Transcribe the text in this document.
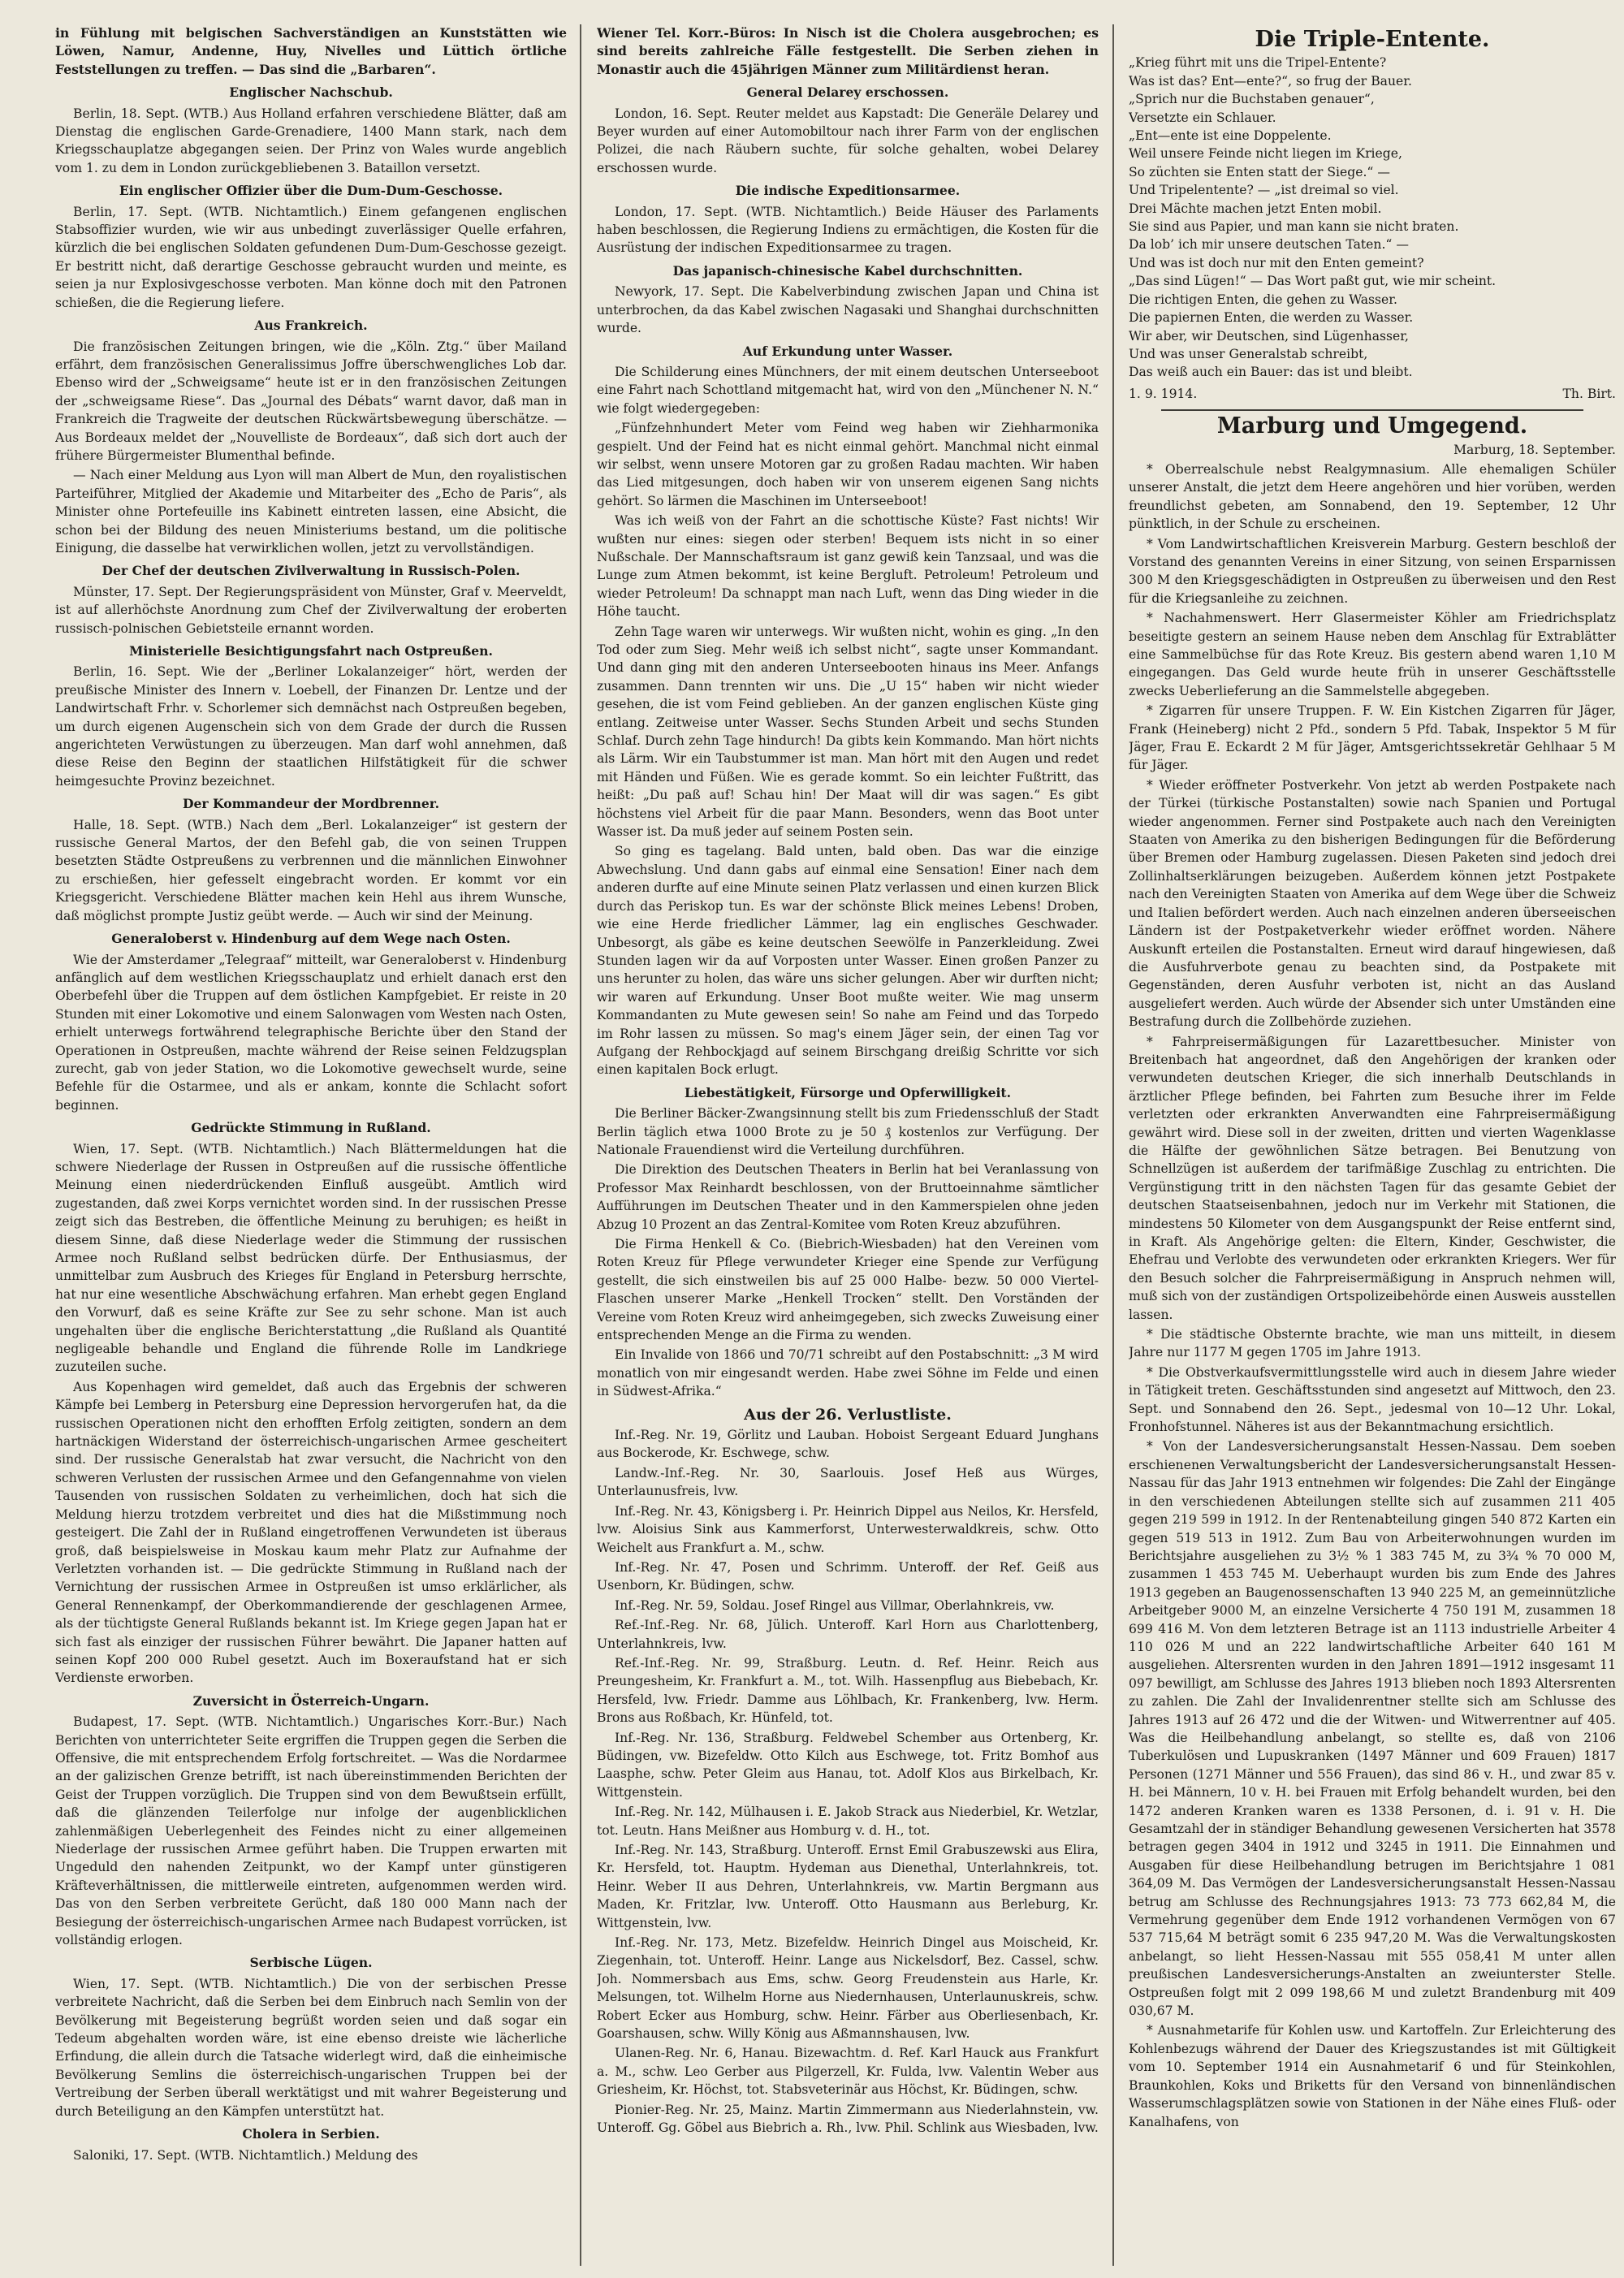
in Fühlung mit belgischen Sachverständigen an Kunststätten wie Löwen, Namur, Andenne, Huy, Nivelles und Lüttich örtliche Feststellungen zu treffen. — Das sind die „Barbaren“.

Englischer Nachschub.

Berlin, 18. Sept. (WTB.) Aus Holland erfahren verschiedene Blätter, daß am Dienstag die englischen Garde-Grenadiere, 1400 Mann stark, nach dem Kriegsschauplatze abgegangen seien. Der Prinz von Wales wurde angeblich vom 1. zu dem in London zurückgebliebenen 3. Bataillon versetzt.

Ein englischer Offizier über die Dum-Dum-Geschosse.

Berlin, 17. Sept. (WTB. Nichtamtlich.) Einem gefangenen englischen Stabsoffizier wurden, wie wir aus unbedingt zuverlässiger Quelle erfahren, kürzlich die bei englischen Soldaten gefundenen Dum-Dum-Geschosse gezeigt. Er bestritt nicht, daß derartige Geschosse gebraucht wurden und meinte, es seien ja nur Explosivgeschosse verboten. Man könne doch mit den Patronen schießen, die die Regierung liefere.

Aus Frankreich.

Die französischen Zeitungen bringen, wie die „Köln. Ztg.“ über Mailand erfährt, dem französischen Generalissimus Joffre überschwengliches Lob dar. Ebenso wird der „Schweigsame“ heute ist er in den französischen Zeitungen der „schweigsame Riese“. Das „Journal des Débats“ warnt davor, daß man in Frankreich die Tragweite der deutschen Rückwärtsbewegung überschätze. — Aus Bordeaux meldet der „Nouvelliste de Bordeaux“, daß sich dort auch der frühere Bürgermeister Blumenthal befinde.

— Nach einer Meldung aus Lyon will man Albert de Mun, den royalistischen Parteiführer, Mitglied der Akademie und Mitarbeiter des „Echo de Paris“, als Minister ohne Portefeuille ins Kabinett eintreten lassen, eine Absicht, die schon bei der Bildung des neuen Ministeriums bestand, um die politische Einigung, die dasselbe hat verwirklichen wollen, jetzt zu vervollständigen.

Der Chef der deutschen Zivilverwaltung in Russisch-Polen.

Münster, 17. Sept. Der Regierungspräsident von Münster, Graf v. Meerveldt, ist auf allerhöchste Anordnung zum Chef der Zivilverwaltung der eroberten russisch-polnischen Gebietsteile ernannt worden.

Ministerielle Besichtigungsfahrt nach Ostpreußen.

Berlin, 16. Sept. Wie der „Berliner Lokalanzeiger“ hört, werden der preußische Minister des Innern v. Loebell, der Finanzen Dr. Lentze und der Landwirtschaft Frhr. v. Schorlemer sich demnächst nach Ostpreußen begeben, um durch eigenen Augenschein sich von dem Grade der durch die Russen angerichteten Verwüstungen zu überzeugen. Man darf wohl annehmen, daß diese Reise den Beginn der staatlichen Hilfstätigkeit für die schwer heimgesuchte Provinz bezeichnet.

Der Kommandeur der Mordbrenner.

Halle, 18. Sept. (WTB.) Nach dem „Berl. Lokalanzeiger“ ist gestern der russische General Martos, der den Befehl gab, die von seinen Truppen besetzten Städte Ostpreußens zu verbrennen und die männlichen Einwohner zu erschießen, hier gefesselt eingebracht worden. Er kommt vor ein Kriegsgericht. Verschiedene Blätter machen kein Hehl aus ihrem Wunsche, daß möglichst prompte Justiz geübt werde. — Auch wir sind der Meinung.

Generaloberst v. Hindenburg auf dem Wege nach Osten.

Wie der Amsterdamer „Telegraaf“ mitteilt, war Generaloberst v. Hindenburg anfänglich auf dem westlichen Kriegsschauplatz und erhielt danach erst den Oberbefehl über die Truppen auf dem östlichen Kampfgebiet. Er reiste in 20 Stunden mit einer Lokomotive und einem Salonwagen vom Westen nach Osten, erhielt unterwegs fortwährend telegraphische Berichte über den Stand der Operationen in Ostpreußen, machte während der Reise seinen Feldzugsplan zurecht, gab von jeder Station, wo die Lokomotive gewechselt wurde, seine Befehle für die Ostarmee, und als er ankam, konnte die Schlacht sofort beginnen.

Gedrückte Stimmung in Rußland.

Wien, 17. Sept. (WTB. Nichtamtlich.) Nach Blättermeldungen hat die schwere Niederlage der Russen in Ostpreußen auf die russische öffentliche Meinung einen niederdrückenden Einfluß ausgeübt. Amtlich wird zugestanden, daß zwei Korps vernichtet worden sind. In der russischen Presse zeigt sich das Bestreben, die öffentliche Meinung zu beruhigen; es heißt in diesem Sinne, daß diese Niederlage weder die Stimmung der russischen Armee noch Rußland selbst bedrücken dürfe. Der Enthusiasmus, der unmittelbar zum Ausbruch des Krieges für England in Petersburg herrschte, hat nur eine wesentliche Abschwächung erfahren. Man erhebt gegen England den Vorwurf, daß es seine Kräfte zur See zu sehr schone. Man ist auch ungehalten über die englische Berichterstattung „die Rußland als Quantité negligeable behandle und England die führende Rolle im Landkriege zuzuteilen suche.

Aus Kopenhagen wird gemeldet, daß auch das Ergebnis der schweren Kämpfe bei Lemberg in Petersburg eine Depression hervorgerufen hat, da die russischen Operationen nicht den erhofften Erfolg zeitigten, sondern an dem hartnäckigen Widerstand der österreichisch-ungarischen Armee gescheitert sind. Der russische Generalstab hat zwar versucht, die Nachricht von den schweren Verlusten der russischen Armee und den Gefangennahme von vielen Tausenden von russischen Soldaten zu verheimlichen, doch hat sich die Meldung hierzu trotzdem verbreitet und dies hat die Mißstimmung noch gesteigert. Die Zahl der in Rußland eingetroffenen Verwundeten ist überaus groß, daß beispielsweise in Moskau kaum mehr Platz zur Aufnahme der Verletzten vorhanden ist. — Die gedrückte Stimmung in Rußland nach der Vernichtung der russischen Armee in Ostpreußen ist umso erklärlicher, als General Rennenkampf, der Oberkommandierende der geschlagenen Armee, als der tüchtigste General Rußlands bekannt ist. Im Kriege gegen Japan hat er sich fast als einziger der russischen Führer bewährt. Die Japaner hatten auf seinen Kopf 200 000 Rubel gesetzt. Auch im Boxeraufstand hat er sich Verdienste erworben.

Zuversicht in Österreich-Ungarn.

Budapest, 17. Sept. (WTB. Nichtamtlich.) Ungarisches Korr.-Bur.) Nach Berichten von unterrichteter Seite ergriffen die Truppen gegen die Serben die Offensive, die mit entsprechendem Erfolg fortschreitet. — Was die Nordarmee an der galizischen Grenze betrifft, ist nach übereinstimmenden Berichten der Geist der Truppen vorzüglich. Die Truppen sind von dem Bewußtsein erfüllt, daß die glänzenden Teilerfolge nur infolge der augenblicklichen zahlenmäßigen Ueberlegenheit des Feindes nicht zu einer allgemeinen Niederlage der russischen Armee geführt haben. Die Truppen erwarten mit Ungeduld den nahenden Zeitpunkt, wo der Kampf unter günstigeren Kräfteverhältnissen, die mittlerweile eintreten, aufgenommen werden wird. Das von den Serben verbreitete Gerücht, daß 180 000 Mann nach der Besiegung der österreichisch-ungarischen Armee nach Budapest vorrücken, ist vollständig erlogen.

Serbische Lügen.

Wien, 17. Sept. (WTB. Nichtamtlich.) Die von der serbischen Presse verbreitete Nachricht, daß die Serben bei dem Einbruch nach Semlin von der Bevölkerung mit Begeisterung begrüßt worden seien und daß sogar ein Tedeum abgehalten worden wäre, ist eine ebenso dreiste wie lächerliche Erfindung, die allein durch die Tatsache widerlegt wird, daß die einheimische Bevölkerung Semlins die österreichisch-ungarischen Truppen bei der Vertreibung der Serben überall werktätigst und mit wahrer Begeisterung und durch Beteiligung an den Kämpfen unterstützt hat.

Cholera in Serbien.

Saloniki, 17. Sept. (WTB. Nichtamtlich.) Meldung des

Wiener Tel. Korr.-Büros: In Nisch ist die Cholera ausgebrochen; es sind bereits zahlreiche Fälle festgestellt. Die Serben ziehen in Monastir auch die 45jährigen Männer zum Militärdienst heran.

General Delarey erschossen.

London, 16. Sept. Reuter meldet aus Kapstadt: Die Generäle Delarey und Beyer wurden auf einer Automobiltour nach ihrer Farm von der englischen Polizei, die nach Räubern suchte, für solche gehalten, wobei Delarey erschossen wurde.

Die indische Expeditionsarmee.

London, 17. Sept. (WTB. Nichtamtlich.) Beide Häuser des Parlaments haben beschlossen, die Regierung Indiens zu ermächtigen, die Kosten für die Ausrüstung der indischen Expeditionsarmee zu tragen.

Das japanisch-chinesische Kabel durchschnitten.

Newyork, 17. Sept. Die Kabelverbindung zwischen Japan und China ist unterbrochen, da das Kabel zwischen Nagasaki und Shanghai durchschnitten wurde.

Auf Erkundung unter Wasser.

Die Schilderung eines Münchners, der mit einem deutschen Unterseeboot eine Fahrt nach Schottland mitgemacht hat, wird von den „Münchener N. N.“ wie folgt wiedergegeben:

„Fünfzehnhundert Meter vom Feind weg haben wir Ziehharmonika gespielt. Und der Feind hat es nicht einmal gehört. Manchmal nicht einmal wir selbst, wenn unsere Motoren gar zu großen Radau machten. Wir haben das Lied mitgesungen, doch haben wir von unserem eigenen Sang nichts gehört. So lärmen die Maschinen im Unterseeboot!

Was ich weiß von der Fahrt an die schottische Küste? Fast nichts! Wir wußten nur eines: siegen oder sterben! Bequem ists nicht in so einer Nußschale. Der Mannschaftsraum ist ganz gewiß kein Tanzsaal, und was die Lunge zum Atmen bekommt, ist keine Bergluft. Petroleum! Petroleum und wieder Petroleum! Da schnappt man nach Luft, wenn das Ding wieder in die Höhe taucht.

Zehn Tage waren wir unterwegs. Wir wußten nicht, wohin es ging. „In den Tod oder zum Sieg. Mehr weiß ich selbst nicht“, sagte unser Kommandant. Und dann ging mit den anderen Unterseebooten hinaus ins Meer. Anfangs zusammen. Dann trennten wir uns. Die „U 15“ haben wir nicht wieder gesehen, die ist vom Feind geblieben. An der ganzen englischen Küste ging entlang. Zeitweise unter Wasser. Sechs Stunden Arbeit und sechs Stunden Schlaf. Durch zehn Tage hindurch! Da gibts kein Kommando. Man hört nichts als Lärm. Wir ein Taubstummer ist man. Man hört mit den Augen und redet mit Händen und Füßen. Wie es gerade kommt. So ein leichter Fußtritt, das heißt: „Du paß auf! Schau hin! Der Maat will dir was sagen.“ Es gibt höchstens viel Arbeit für die paar Mann. Besonders, wenn das Boot unter Wasser ist. Da muß jeder auf seinem Posten sein.

So ging es tagelang. Bald unten, bald oben. Das war die einzige Abwechslung. Und dann gabs auf einmal eine Sensation! Einer nach dem anderen durfte auf eine Minute seinen Platz verlassen und einen kurzen Blick durch das Periskop tun. Es war der schönste Blick meines Lebens! Droben, wie eine Herde friedlicher Lämmer, lag ein englisches Geschwader. Unbesorgt, als gäbe es keine deutschen Seewölfe in Panzerkleidung. Zwei Stunden lagen wir da auf Vorposten unter Wasser. Einen großen Panzer zu uns herunter zu holen, das wäre uns sicher gelungen. Aber wir durften nicht; wir waren auf Erkundung. Unser Boot mußte weiter. Wie mag unserm Kommandanten zu Mute gewesen sein! So nahe am Feind und das Torpedo im Rohr lassen zu müssen. So mag's einem Jäger sein, der einen Tag vor Aufgang der Rehbockjagd auf seinem Birschgang dreißig Schritte vor sich einen kapitalen Bock erlugt.

Liebestätigkeit, Fürsorge und Opferwilligkeit.

Die Berliner Bäcker-Zwangsinnung stellt bis zum Friedensschluß der Stadt Berlin täglich etwa 1000 Brote zu je 50 ₰ kostenlos zur Verfügung. Der Nationale Frauendienst wird die Verteilung durchführen.

Die Direktion des Deutschen Theaters in Berlin hat bei Veranlassung von Professor Max Reinhardt beschlossen, von der Bruttoeinnahme sämtlicher Aufführungen im Deutschen Theater und in den Kammerspielen ohne jeden Abzug 10 Prozent an das Zentral-Komitee vom Roten Kreuz abzuführen.

Die Firma Henkell & Co. (Biebrich-Wiesbaden) hat den Vereinen vom Roten Kreuz für Pflege verwundeter Krieger eine Spende zur Verfügung gestellt, die sich einstweilen bis auf 25 000 Halbe- bezw. 50 000 Viertel-Flaschen unserer Marke „Henkell Trocken“ stellt. Den Vorständen der Vereine vom Roten Kreuz wird anheimgegeben, sich zwecks Zuweisung einer entsprechenden Menge an die Firma zu wenden.

Ein Invalide von 1866 und 70/71 schreibt auf den Postabschnitt: „3 M wird monatlich von mir eingesandt werden. Habe zwei Söhne im Felde und einen in Südwest-Afrika.“

Aus der 26. Verlustliste.

Inf.-Reg. Nr. 19, Görlitz und Lauban. Hoboist Sergeant Eduard Junghans aus Bockerode, Kr. Eschwege, schw.

Landw.-Inf.-Reg. Nr. 30, Saarlouis. Josef Heß aus Würges, Unterlaunusfreis, lvw.

Inf.-Reg. Nr. 43, Königsberg i. Pr. Heinrich Dippel aus Neilos, Kr. Hersfeld, lvw. Aloisius Sink aus Kammerforst, Unterwesterwaldkreis, schw. Otto Weichelt aus Frankfurt a. M., schw.

Inf.-Reg. Nr. 47, Posen und Schrimm. Unteroff. der Ref. Geiß aus Usenborn, Kr. Büdingen, schw.

Inf.-Reg. Nr. 59, Soldau. Josef Ringel aus Villmar, Oberlahnkreis, vw.

Ref.-Inf.-Reg. Nr. 68, Jülich. Unteroff. Karl Horn aus Charlottenberg, Unterlahnkreis, lvw.

Ref.-Inf.-Reg. Nr. 99, Straßburg. Leutn. d. Ref. Heinr. Reich aus Preungesheim, Kr. Frankfurt a. M., tot. Wilh. Hassenpflug aus Biebebach, Kr. Hersfeld, lvw. Friedr. Damme aus Löhlbach, Kr. Frankenberg, lvw. Herm. Brons aus Roßbach, Kr. Hünfeld, tot.

Inf.-Reg. Nr. 136, Straßburg. Feldwebel Schember aus Ortenberg, Kr. Büdingen, vw. Bizefeldw. Otto Kilch aus Eschwege, tot. Fritz Bomhof aus Laasphe, schw. Peter Gleim aus Hanau, tot. Adolf Klos aus Birkelbach, Kr. Wittgenstein.

Inf.-Reg. Nr. 142, Mülhausen i. E. Jakob Strack aus Niederbiel, Kr. Wetzlar, tot. Leutn. Hans Meißner aus Homburg v. d. H., tot.

Inf.-Reg. Nr. 143, Straßburg. Unteroff. Ernst Emil Grabuszewski aus Elira, Kr. Hersfeld, tot. Hauptm. Hydeman aus Dienethal, Unterlahnkreis, tot. Heinr. Weber II aus Dehren, Unterlahnkreis, vw. Martin Bergmann aus Maden, Kr. Fritzlar, lvw. Unteroff. Otto Hausmann aus Berleburg, Kr. Wittgenstein, lvw.

Inf.-Reg. Nr. 173, Metz. Bizefeldw. Heinrich Dingel aus Moischeid, Kr. Ziegenhain, tot. Unteroff. Heinr. Lange aus Nickelsdorf, Bez. Cassel, schw. Joh. Nommersbach aus Ems, schw. Georg Freudenstein aus Harle, Kr. Melsungen, tot. Wilhelm Horne aus Niedernhausen, Unterlaunuskreis, schw. Robert Ecker aus Homburg, schw. Heinr. Färber aus Oberliesenbach, Kr. Goarshausen, schw. Willy König aus Aßmannshausen, lvw.

Ulanen-Reg. Nr. 6, Hanau. Bizewachtm. d. Ref. Karl Hauck aus Frankfurt a. M., schw. Leo Gerber aus Pilgerzell, Kr. Fulda, lvw. Valentin Weber aus Griesheim, Kr. Höchst, tot. Stabsveterinär aus Höchst, Kr. Büdingen, schw.

Pionier-Reg. Nr. 25, Mainz. Martin Zimmermann aus Niederlahnstein, vw. Unteroff. Gg. Göbel aus Biebrich a. Rh., lvw. Phil. Schlink aus Wiesbaden, lvw.

Die Triple-Entente.
„Krieg führt mit uns die Tripel-Entente?
Was ist das? Ent—ente?“, so frug der Bauer.
„Sprich nur die Buchstaben genauer“,
Versetzte ein Schlauer.
„Ent—ente ist eine Doppelente.
Weil unsere Feinde nicht liegen im Kriege,
So züchten sie Enten statt der Siege.“ —
Und Tripelentente? — „ist dreimal so viel.
Drei Mächte machen jetzt Enten mobil.
Sie sind aus Papier, und man kann sie nicht braten.
Da lob’ ich mir unsere deutschen Taten.“ —
Und was ist doch nur mit den Enten gemeint?
„Das sind Lügen!“ — Das Wort paßt gut, wie mir scheint.
Die richtigen Enten, die gehen zu Wasser.
Die papiernen Enten, die werden zu Wasser.
Wir aber, wir Deutschen, sind Lügenhasser,
Und was unser Generalstab schreibt,
Das weiß auch ein Bauer: das ist und bleibt.
1. 9. 1914.	Th. Birt.
Marburg und Umgegend.

Marburg, 18. September.

* Oberrealschule nebst Realgymnasium. Alle ehemaligen Schüler unserer Anstalt, die jetzt dem Heere angehören und hier vorüben, werden freundlichst gebeten, am Sonnabend, den 19. September, 12 Uhr pünktlich, in der Schule zu erscheinen.

* Vom Landwirtschaftlichen Kreisverein Marburg. Gestern beschloß der Vorstand des genannten Vereins in einer Sitzung, von seinen Ersparnissen 300 M den Kriegsgeschädigten in Ostpreußen zu überweisen und den Rest für die Kriegsanleihe zu zeichnen.

* Nachahmenswert. Herr Glasermeister Köhler am Friedrichsplatz beseitigte gestern an seinem Hause neben dem Anschlag für Extrablätter eine Sammelbüchse für das Rote Kreuz. Bis gestern abend waren 1,10 M eingegangen. Das Geld wurde heute früh in unserer Geschäftsstelle zwecks Ueberlieferung an die Sammelstelle abgegeben.

* Zigarren für unsere Truppen. F. W. Ein Kistchen Zigarren für Jäger, Frank (Heineberg) nicht 2 Pfd., sondern 5 Pfd. Tabak, Inspektor 5 M für Jäger, Frau E. Eckardt 2 M für Jäger, Amtsgerichtssekretär Gehlhaar 5 M für Jäger.

* Wieder eröffneter Postverkehr. Von jetzt ab werden Postpakete nach der Türkei (türkische Postanstalten) sowie nach Spanien und Portugal wieder angenommen. Ferner sind Postpakete auch nach den Vereinigten Staaten von Amerika zu den bisherigen Bedingungen für die Beförderung über Bremen oder Hamburg zugelassen. Diesen Paketen sind jedoch drei Zollinhaltserklärungen beizugeben. Außerdem können jetzt Postpakete nach den Vereinigten Staaten von Amerika auf dem Wege über die Schweiz und Italien befördert werden. Auch nach einzelnen anderen überseeischen Ländern ist der Postpaketverkehr wieder eröffnet worden. Nähere Auskunft erteilen die Postanstalten. Erneut wird darauf hingewiesen, daß die Ausfuhrverbote genau zu beachten sind, da Postpakete mit Gegenständen, deren Ausfuhr verboten ist, nicht an das Ausland ausgeliefert werden. Auch würde der Absender sich unter Umständen eine Bestrafung durch die Zollbehörde zuziehen.

* Fahrpreisermäßigungen für Lazarettbesucher. Minister von Breitenbach hat angeordnet, daß den Angehörigen der kranken oder verwundeten deutschen Krieger, die sich innerhalb Deutschlands in ärztlicher Pflege befinden, bei Fahrten zum Besuche ihrer im Felde verletzten oder erkrankten Anverwandten eine Fahrpreisermäßigung gewährt wird. Diese soll in der zweiten, dritten und vierten Wagenklasse die Hälfte der gewöhnlichen Sätze betragen. Bei Benutzung von Schnellzügen ist außerdem der tarifmäßige Zuschlag zu entrichten. Die Vergünstigung tritt in den nächsten Tagen für das gesamte Gebiet der deutschen Staatseisenbahnen, jedoch nur im Verkehr mit Stationen, die mindestens 50 Kilometer von dem Ausgangspunkt der Reise entfernt sind, in Kraft. Als Angehörige gelten: die Eltern, Kinder, Geschwister, die Ehefrau und Verlobte des verwundeten oder erkrankten Kriegers. Wer für den Besuch solcher die Fahrpreisermäßigung in Anspruch nehmen will, muß sich von der zuständigen Ortspolizeibehörde einen Ausweis ausstellen lassen.

* Die städtische Obsternte brachte, wie man uns mitteilt, in diesem Jahre nur 1177 M gegen 1705 im Jahre 1913.

* Die Obstverkaufsvermittlungsstelle wird auch in diesem Jahre wieder in Tätigkeit treten. Geschäftsstunden sind angesetzt auf Mittwoch, den 23. Sept. und Sonnabend den 26. Sept., jedesmal von 10—12 Uhr. Lokal, Fronhofstunnel. Näheres ist aus der Bekanntmachung ersichtlich.

* Von der Landesversicherungsanstalt Hessen-Nassau. Dem soeben erschienenen Verwaltungsbericht der Landesversicherungsanstalt Hessen-Nassau für das Jahr 1913 entnehmen wir folgendes: Die Zahl der Eingänge in den verschiedenen Abteilungen stellte sich auf zusammen 211 405 gegen 219 599 in 1912. In der Rentenabteilung gingen 540 872 Karten ein gegen 519 513 in 1912. Zum Bau von Arbeiterwohnungen wurden im Berichtsjahre ausgeliehen zu 3½ % 1 383 745 M, zu 3¾ % 70 000 M, zusammen 1 453 745 M. Ueberhaupt wurden bis zum Ende des Jahres 1913 gegeben an Baugenossenschaften 13 940 225 M, an gemeinnützliche Arbeitgeber 9000 M, an einzelne Versicherte 4 750 191 M, zusammen 18 699 416 M. Von dem letzteren Betrage ist an 1113 industrielle Arbeiter 4 110 026 M und an 222 landwirtschaftliche Arbeiter 640 161 M ausgeliehen. Altersrenten wurden in den Jahren 1891—1912 insgesamt 11 097 bewilligt, am Schlusse des Jahres 1913 blieben noch 1893 Altersrenten zu zahlen. Die Zahl der Invalidenrentner stellte sich am Schlusse des Jahres 1913 auf 26 472 und die der Witwen- und Witwerrentner auf 405. Was die Heilbehandlung anbelangt, so stellte es, daß von 2106 Tuberkulösen und Lupuskranken (1497 Männer und 609 Frauen) 1817 Personen (1271 Männer und 556 Frauen), das sind 86 v. H., und zwar 85 v. H. bei Männern, 10 v. H. bei Frauen mit Erfolg behandelt wurden, bei den 1472 anderen Kranken waren es 1338 Personen, d. i. 91 v. H. Die Gesamtzahl der in ständiger Behandlung gewesenen Versicherten hat 3578 betragen gegen 3404 in 1912 und 3245 in 1911. Die Einnahmen und Ausgaben für diese Heilbehandlung betrugen im Berichtsjahre 1 081 364,09 M. Das Vermögen der Landesversicherungsanstalt Hessen-Nassau betrug am Schlusse des Rechnungsjahres 1913: 73 773 662,84 M, die Vermehrung gegenüber dem Ende 1912 vorhandenen Vermögen von 67 537 715,64 M beträgt somit 6 235 947,20 M. Was die Verwaltungskosten anbelangt, so lieht Hessen-Nassau mit 555 058,41 M unter allen preußischen Landesversicherungs-Anstalten an zweiunterster Stelle. Ostpreußen folgt mit 2 099 198,66 M und zuletzt Brandenburg mit 409 030,67 M.

* Ausnahmetarife für Kohlen usw. und Kartoffeln. Zur Erleichterung des Kohlenbezugs während der Dauer des Kriegszustandes ist mit Gültigkeit vom 10. September 1914 ein Ausnahmetarif 6 und für Steinkohlen, Braunkohlen, Koks und Briketts für den Versand von binnenländischen Wasserumschlagsplätzen sowie von Stationen in der Nähe eines Fluß- oder Kanalhafens, von
